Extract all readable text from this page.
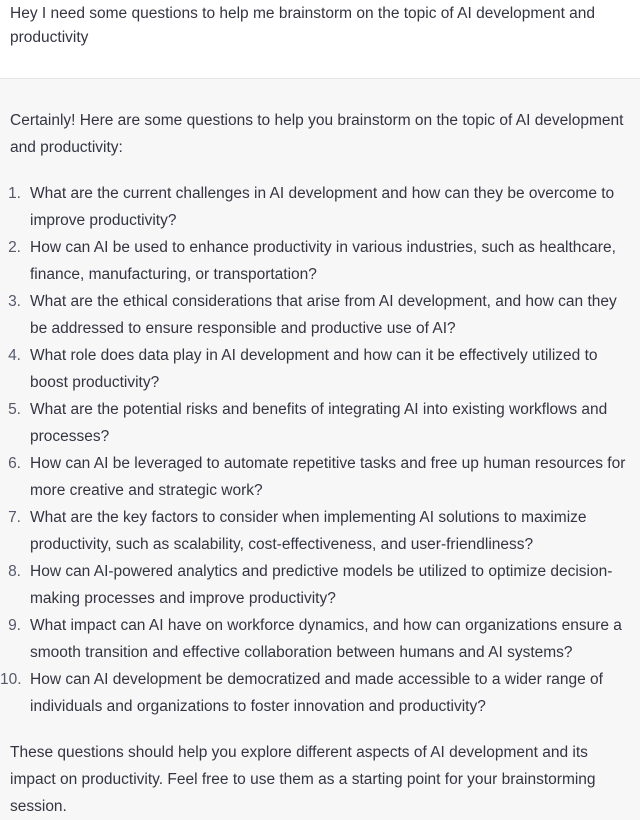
Hey I need some questions to help me brainstorm on the topic of AI development and productivity

Certainly! Here are some questions to help you brainstorm on the topic of AI development and productivity:

1. What are the current challenges in AI development and how can they be overcome to improve productivity?
2. How can AI be used to enhance productivity in various industries, such as healthcare, finance, manufacturing, or transportation?
3. What are the ethical considerations that arise from AI development, and how can they be addressed to ensure responsible and productive use of AI?
4. What role does data play in AI development and how can it be effectively utilized to boost productivity?
5. What are the potential risks and benefits of integrating AI into existing workflows and processes?
6. How can AI be leveraged to automate repetitive tasks and free up human resources for more creative and strategic work?
7. What are the key factors to consider when implementing AI solutions to maximize productivity, such as scalability, cost-effectiveness, and user-friendliness?
8. How can AI-powered analytics and predictive models be utilized to optimize decision-making processes and improve productivity?
9. What impact can AI have on workforce dynamics, and how can organizations ensure a smooth transition and effective collaboration between humans and AI systems?
10. How can AI development be democratized and made accessible to a wider range of individuals and organizations to foster innovation and productivity?

These questions should help you explore different aspects of AI development and its impact on productivity. Feel free to use them as a starting point for your brainstorming session.
